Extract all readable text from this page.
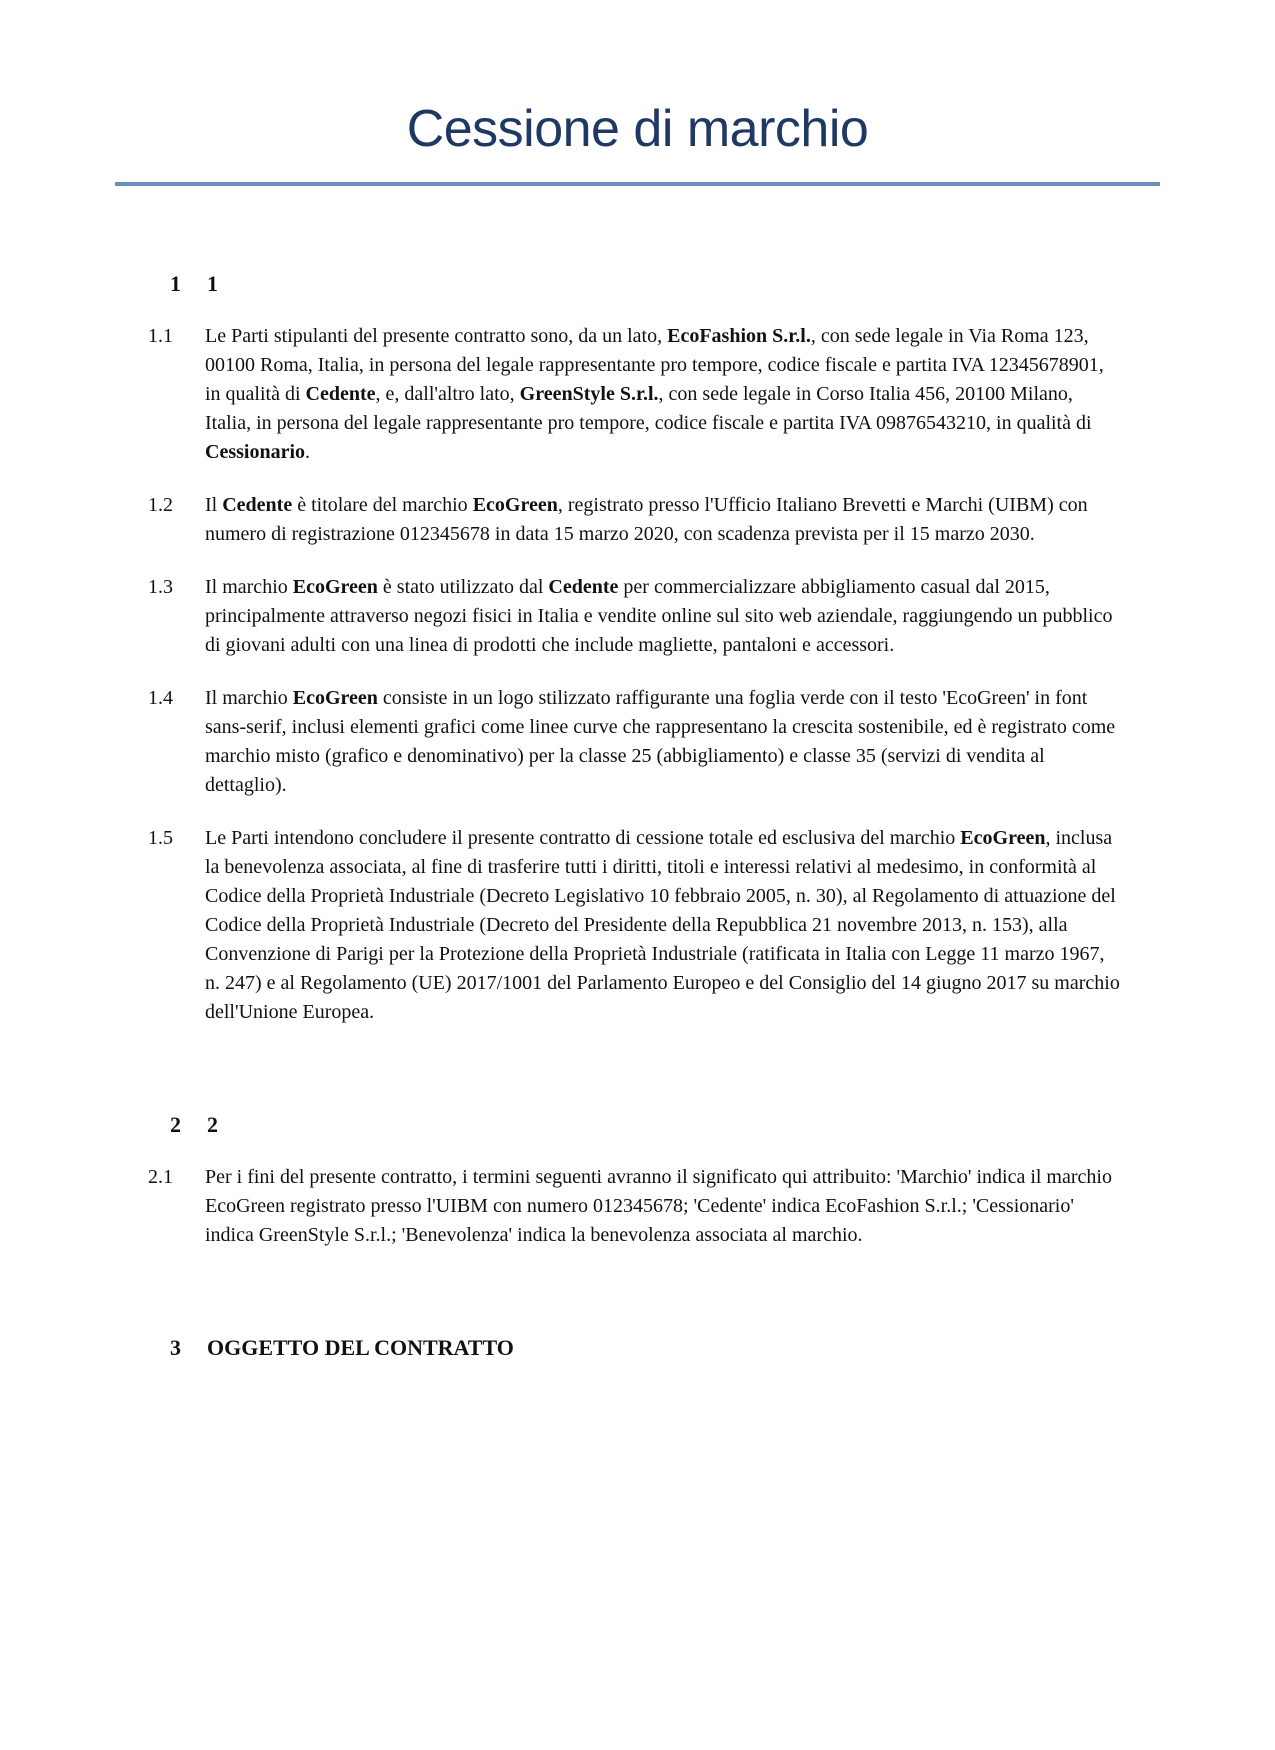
Cessione di marchio
1	1
1.1	Le Parti stipulanti del presente contratto sono, da un lato, EcoFashion S.r.l., con sede legale in Via Roma 123, 00100 Roma, Italia, in persona del legale rappresentante pro tempore, codice fiscale e partita IVA 12345678901, in qualità di Cedente, e, dall'altro lato, GreenStyle S.r.l., con sede legale in Corso Italia 456, 20100 Milano, Italia, in persona del legale rappresentante pro tempore, codice fiscale e partita IVA 09876543210, in qualità di Cessionario.
1.2	Il Cedente è titolare del marchio EcoGreen, registrato presso l'Ufficio Italiano Brevetti e Marchi (UIBM) con numero di registrazione 012345678 in data 15 marzo 2020, con scadenza prevista per il 15 marzo 2030.
1.3	Il marchio EcoGreen è stato utilizzato dal Cedente per commercializzare abbigliamento casual dal 2015, principalmente attraverso negozi fisici in Italia e vendite online sul sito web aziendale, raggiungendo un pubblico di giovani adulti con una linea di prodotti che include magliette, pantaloni e accessori.
1.4	Il marchio EcoGreen consiste in un logo stilizzato raffigurante una foglia verde con il testo 'EcoGreen' in font sans-serif, inclusi elementi grafici come linee curve che rappresentano la crescita sostenibile, ed è registrato come marchio misto (grafico e denominativo) per la classe 25 (abbigliamento) e classe 35 (servizi di vendita al dettaglio).
1.5	Le Parti intendono concludere il presente contratto di cessione totale ed esclusiva del marchio EcoGreen, inclusa la benevolenza associata, al fine di trasferire tutti i diritti, titoli e interessi relativi al medesimo, in conformità al Codice della Proprietà Industriale (Decreto Legislativo 10 febbraio 2005, n. 30), al Regolamento di attuazione del Codice della Proprietà Industriale (Decreto del Presidente della Repubblica 21 novembre 2013, n. 153), alla Convenzione di Parigi per la Protezione della Proprietà Industriale (ratificata in Italia con Legge 11 marzo 1967, n. 247) e al Regolamento (UE) 2017/1001 del Parlamento Europeo e del Consiglio del 14 giugno 2017 su marchio dell'Unione Europea.
2	2
2.1	Per i fini del presente contratto, i termini seguenti avranno il significato qui attribuito: 'Marchio' indica il marchio EcoGreen registrato presso l'UIBM con numero 012345678; 'Cedente' indica EcoFashion S.r.l.; 'Cessionario' indica GreenStyle S.r.l.; 'Benevolenza' indica la benevolenza associata al marchio.
3	OGGETTO DEL CONTRATTO
